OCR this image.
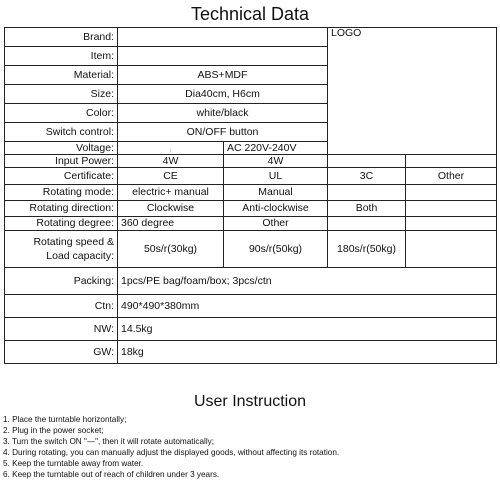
Technical Data
Brand:			LOGO	
Item:				
Material:	ABS+MDF			
Size:	Dia40cm, H6cm			
Color:	white/black			
Switch control:	ON/OFF button			
Voltage:	,	AC 220V-240V		
Input Power:	4W	4W		
Certificate:	CE	UL	3C	Other
Rotating mode:	electric+ manual	Manual		
Rotating direction:	Clockwise	Anti-clockwise	Both	
Rotating degree:	360 degree	Other		

Rotating speed &
Load capacity:	50s/r(30kg)	90s/r(50kg)	180s/r(50kg)	
Packing:	1pcs/PE bag/foam/box; 3pcs/ctn			
Ctn:	490*490*380mm			
NW:	14.5kg			
GW:	18kg			
User Instruction
1. Place the turntable horizontally;
2. Plug in the power socket;
3. Turn the switch ON "—", then it will rotate automatically;
4. During rotating, you can manually adjust the displayed goods, without affecting its rotation.
5. Keep the turntable away from water.
6. Keep the turntable out of reach of children under 3 years.
